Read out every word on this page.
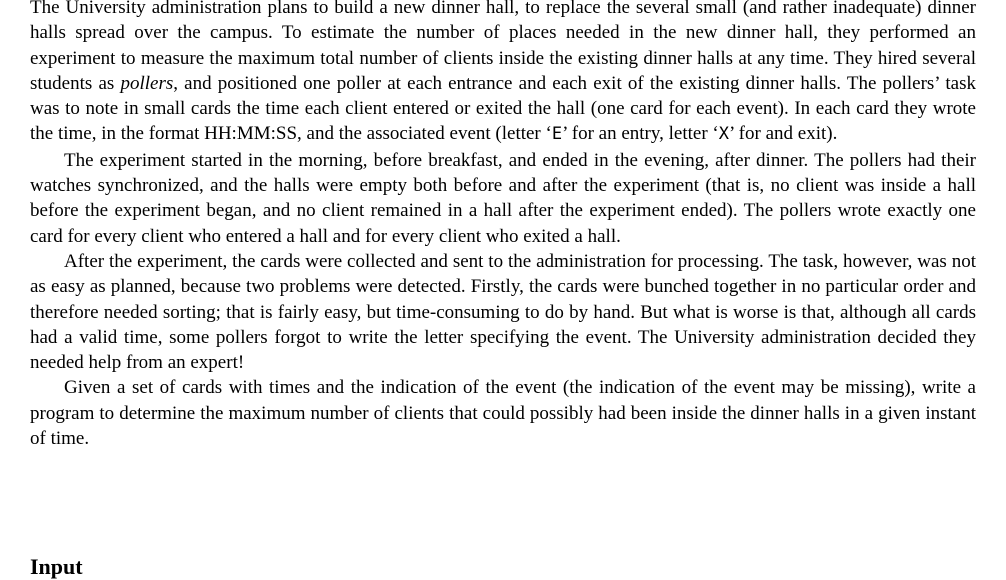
The University administration plans to build a new dinner hall, to replace the several small (and rather inadequate) dinner halls spread over the campus. To estimate the number of places needed in the new dinner hall, they performed an experiment to measure the maximum total number of clients inside the existing dinner halls at any time. They hired several students as pollers, and positioned one poller at each entrance and each exit of the existing dinner halls. The pollers’ task was to note in small cards the time each client entered or exited the hall (one card for each event). In each card they wrote the time, in the format HH:MM:SS, and the associated event (letter ‘E’ for an entry, letter ‘X’ for and exit).

The experiment started in the morning, before breakfast, and ended in the evening, after dinner. The pollers had their watches synchronized, and the halls were empty both before and after the experiment (that is, no client was inside a hall before the experiment began, and no client remained in a hall after the experiment ended). The pollers wrote exactly one card for every client who entered a hall and for every client who exited a hall.

After the experiment, the cards were collected and sent to the administration for processing. The task, however, was not as easy as planned, because two problems were detected. Firstly, the cards were bunched together in no particular order and therefore needed sorting; that is fairly easy, but time-consuming to do by hand. But what is worse is that, although all cards had a valid time, some pollers forgot to write the letter specifying the event. The University administration decided they needed help from an expert!

Given a set of cards with times and the indication of the event (the indication of the event may be missing), write a program to determine the maximum number of clients that could possibly had been inside the dinner halls in a given instant of time.

Input
